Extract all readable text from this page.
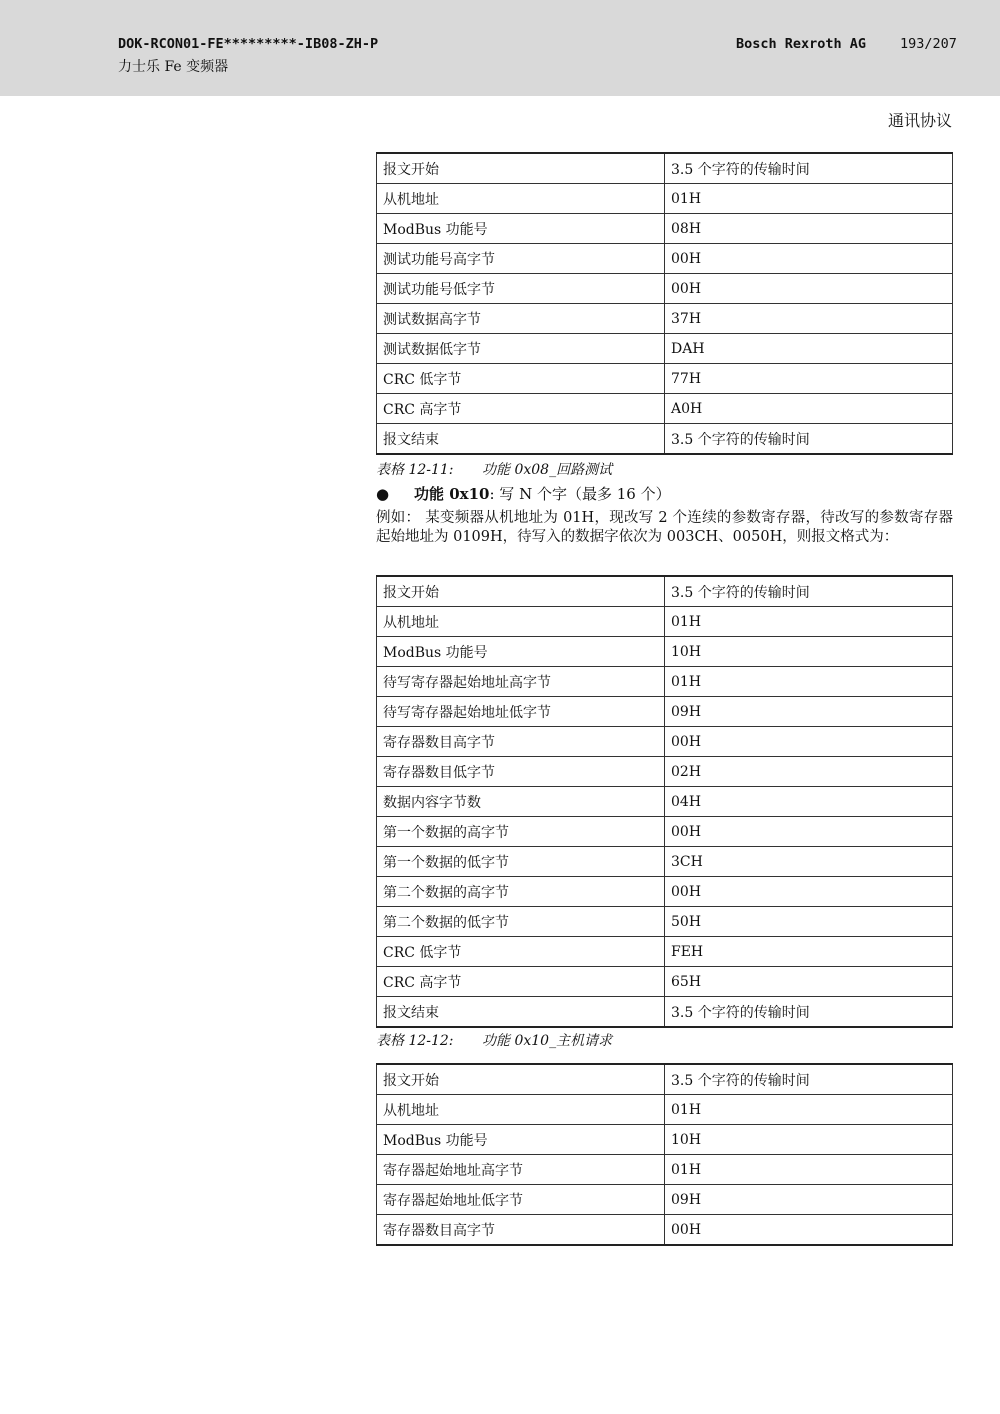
DOK-RCON01-FE*********-IB08-ZH-P
力士乐 Fe 变频器
Bosch Rexroth AG	193/207
通讯协议
报文开始	3.5 个字符的传输时间
从机地址	01H
ModBus 功能号	08H
测试功能号高字节	00H
测试功能号低字节	00H
测试数据高字节	37H
测试数据低字节	DAH
CRC 低字节	77H
CRC 高字节	A0H
报文结束	3.5 个字符的传输时间
表格 12-11: 功能 0x08_回路测试
● 功能 0x10: 写 N 个字（最多 16 个）
例如： 某变频器从机地址为 01H，现改写 2 个连续的参数寄存器，待改写的参数寄存器起始地址为 0109H，待写入的数据字依次为 003CH、0050H，则报文格式为：
报文开始	3.5 个字符的传输时间
从机地址	01H
ModBus 功能号	10H
待写寄存器起始地址高字节	01H
待写寄存器起始地址低字节	09H
寄存器数目高字节	00H
寄存器数目低字节	02H
数据内容字节数	04H
第一个数据的高字节	00H
第一个数据的低字节	3CH
第二个数据的高字节	00H
第二个数据的低字节	50H
CRC 低字节	FEH
CRC 高字节	65H
报文结束	3.5 个字符的传输时间
表格 12-12: 功能 0x10_主机请求
报文开始	3.5 个字符的传输时间
从机地址	01H
ModBus 功能号	10H
寄存器起始地址高字节	01H
寄存器起始地址低字节	09H
寄存器数目高字节	00H
